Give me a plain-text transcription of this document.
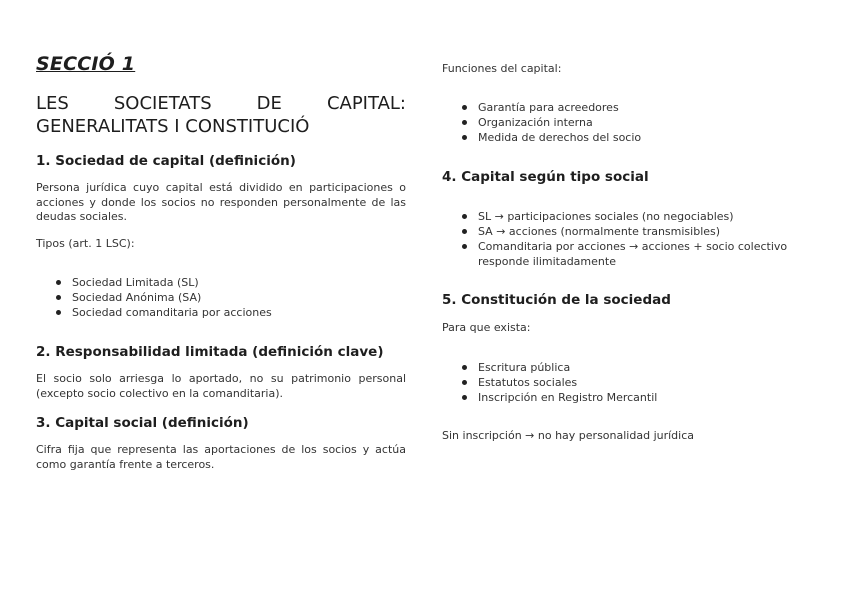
SECCIÓ 1
LES	SOCIETATS	DE	CAPITAL:
GENERALITATS I CONSTITUCIÓ
1. Sociedad de capital (definición)

Persona jurídica cuyo capital está dividido en participaciones o acciones y donde los socios no responden personalmente de las deudas sociales.

Tipos (art. 1 LSC):

Sociedad Limitada (SL)
Sociedad Anónima (SA)
Sociedad comanditaria por acciones
2. Responsabilidad limitada (definición clave)

El socio solo arriesga lo aportado, no su patrimonio personal (excepto socio colectivo en la comanditaria).

3. Capital social (definición)

Cifra fija que representa las aportaciones de los socios y actúa como garantía frente a terceros.

Funciones del capital:

Garantía para acreedores
Organización interna
Medida de derechos del socio
4. Capital según tipo social
SL → participaciones sociales (no negociables)
SA → acciones (normalmente transmisibles)
Comanditaria por acciones → acciones + socio colectivo responde ilimitadamente
5. Constitución de la sociedad

Para que exista:

Escritura pública
Estatutos sociales
Inscripción en Registro Mercantil

Sin inscripción → no hay personalidad jurídica
